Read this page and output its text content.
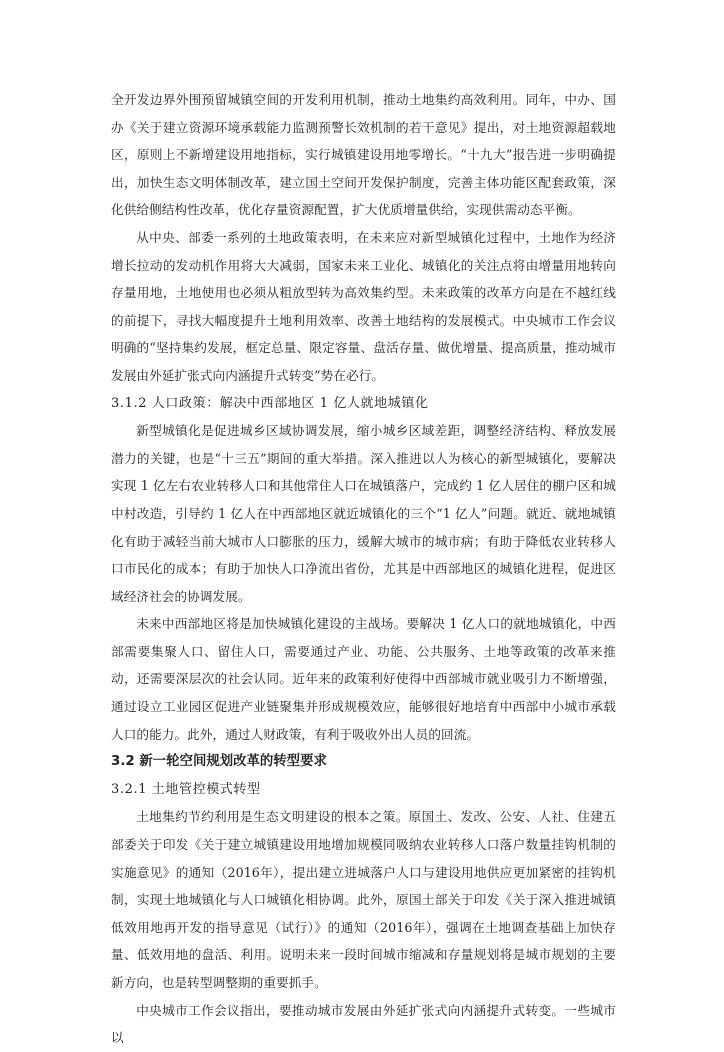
全开发边界外围预留城镇空间的开发利用机制，推动土地集约高效利用。同年，中办、国办《关于建立资源环境承载能力监测预警长效机制的若干意见》提出，对土地资源超载地区，原则上不新增建设用地指标，实行城镇建设用地零增长。“十九大”报告进一步明确提出，加快生态文明体制改革，建立国土空间开发保护制度，完善主体功能区配套政策，深化供给侧结构性改革，优化存量资源配置，扩大优质增量供给，实现供需动态平衡。

从中央、部委一系列的土地政策表明，在未来应对新型城镇化过程中，土地作为经济增长拉动的发动机作用将大大减弱，国家未来工业化、城镇化的关注点将由增量用地转向存量用地，土地使用也必须从粗放型转为高效集约型。未来政策的改革方向是在不越红线的前提下，寻找大幅度提升土地利用效率、改善土地结构的发展模式。中央城市工作会议明确的“坚持集约发展，框定总量、限定容量、盘活存量、做优增量、提高质量，推动城市发展由外延扩张式向内涵提升式转变”势在必行。

3.1.2 人口政策：解决中西部地区 1 亿人就地城镇化

新型城镇化是促进城乡区域协调发展，缩小城乡区域差距，调整经济结构、释放发展潜力的关键，也是“十三五”期间的重大举措。深入推进以人为核心的新型城镇化，要解决实现 1 亿左右农业转移人口和其他常住人口在城镇落户，完成约 1 亿人居住的棚户区和城中村改造，引导约 1 亿人在中西部地区就近城镇化的三个“1 亿人”问题。就近、就地城镇化有助于减轻当前大城市人口膨胀的压力，缓解大城市的城市病；有助于降低农业转移人口市民化的成本；有助于加快人口净流出省份，尤其是中西部地区的城镇化进程，促进区域经济社会的协调发展。

未来中西部地区将是加快城镇化建设的主战场。要解决 1 亿人口的就地城镇化，中西部需要集聚人口、留住人口，需要通过产业、功能、公共服务、土地等政策的改革来推动，还需要深层次的社会认同。近年来的政策利好使得中西部城市就业吸引力不断增强，通过设立工业园区促进产业链聚集并形成规模效应，能够很好地培育中西部中小城市承载人口的能力。此外，通过人财政策，有利于吸收外出人员的回流。

3.2 新一轮空间规划改革的转型要求
3.2.1 土地管控模式转型

土地集约节约利用是生态文明建设的根本之策。原国土、发改、公安、人社、住建五部委关于印发《关于建立城镇建设用地增加规模同吸纳农业转移人口落户数量挂钩机制的实施意见》的通知（2016年），提出建立进城落户人口与建设用地供应更加紧密的挂钩机制，实现土地城镇化与人口城镇化相协调。此外，原国土部关于印发《关于深入推进城镇低效用地再开发的指导意见（试行）》的通知（2016年），强调在土地调查基础上加快存量、低效用地的盘活、利用。说明未来一段时间城市缩减和存量规划将是城市规划的主要新方向，也是转型调整期的重要抓手。

中央城市工作会议指出，要推动城市发展由外延扩张式向内涵提升式转变。一些城市以
